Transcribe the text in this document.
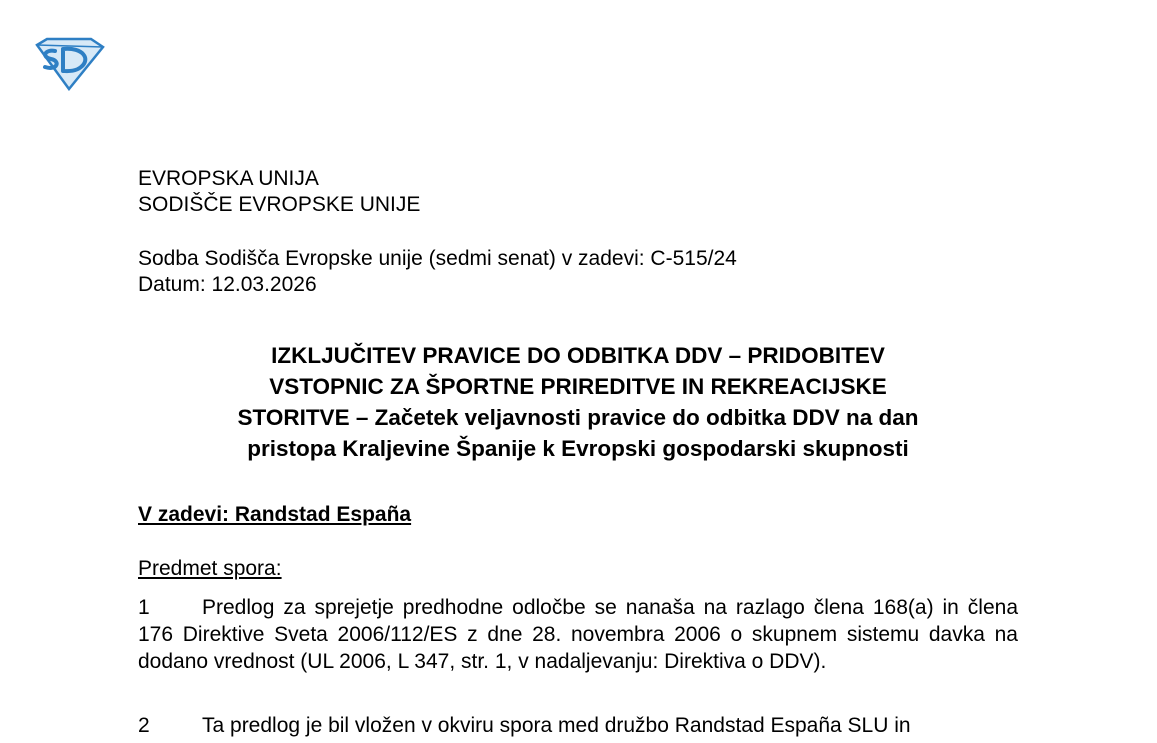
EVROPSKA UNIJA
SODIŠČE EVROPSKE UNIJE
Sodba Sodišča Evropske unije (sedmi senat) v zadevi: C-515/24
Datum: 12.03.2026
IZKLJUČITEV PRAVICE DO ODBITKA DDV – PRIDOBITEV
VSTOPNIC ZA ŠPORTNE PRIREDITVE IN REKREACIJSKE
STORITVE – Začetek veljavnosti pravice do odbitka DDV na dan
pristopa Kraljevine Španije k Evropski gospodarski skupnosti
V zadevi: Randstad España
Predmet spora:
1 Predlog za sprejetje predhodne odločbe se nanaša na razlago člena 168(a) in člena 176 Direktive Sveta 2006/112/ES z dne 28. novembra 2006 o skupnem sistemu davka na dodano vrednost (UL 2006, L 347, str. 1, v nadaljevanju: Direktiva o DDV).
2 Ta predlog je bil vložen v okviru spora med družbo Randstad España SLU in
